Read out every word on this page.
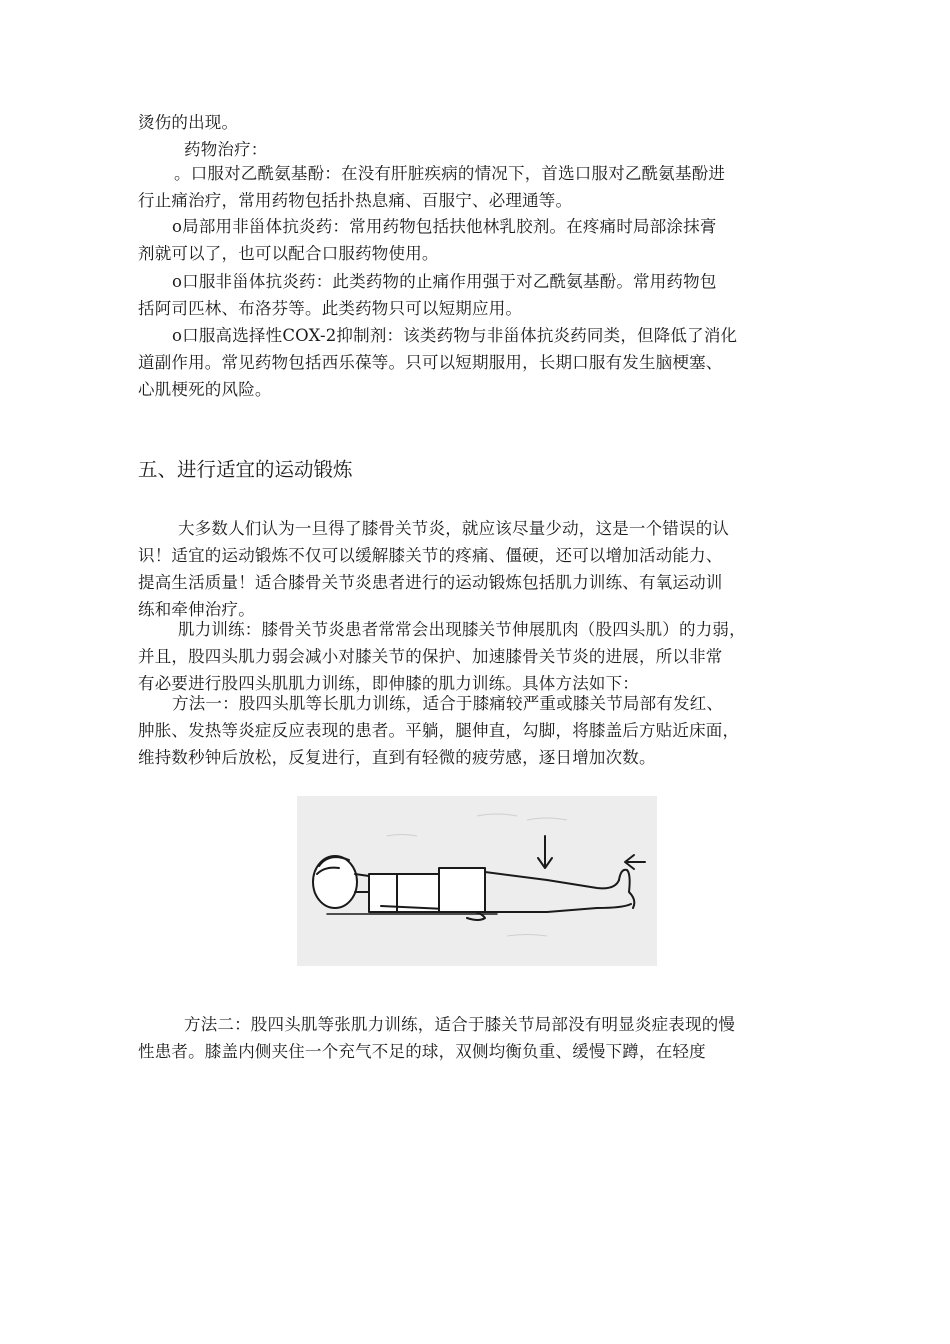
烫伤的出现。
药物治疗：
。口服对乙酰氨基酚：在没有肝脏疾病的情况下，首选口服对乙酰氨基酚进
行止痛治疗，常用药物包括扑热息痛、百服宁、必理通等。
o局部用非甾体抗炎药：常用药物包括扶他林乳胶剂。在疼痛时局部涂抹膏
剂就可以了，也可以配合口服药物使用。
o口服非甾体抗炎药：此类药物的止痛作用强于对乙酰氨基酚。常用药物包
括阿司匹林、布洛芬等。此类药物只可以短期应用。
o口服高选择性COX-2抑制剂：该类药物与非甾体抗炎药同类，但降低了消化
道副作用。常见药物包括西乐葆等。只可以短期服用，长期口服有发生脑梗塞、
心肌梗死的风险。
五、进行适宜的运动锻炼
大多数人们认为一旦得了膝骨关节炎，就应该尽量少动，这是一个错误的认
识！适宜的运动锻炼不仅可以缓解膝关节的疼痛、僵硬，还可以增加活动能力、
提高生活质量！适合膝骨关节炎患者进行的运动锻炼包括肌力训练、有氧运动训
练和牵伸治疗。
肌力训练：膝骨关节炎患者常常会出现膝关节伸展肌肉（股四头肌）的力弱，
并且，股四头肌力弱会减小对膝关节的保护、加速膝骨关节炎的进展，所以非常
有必要进行股四头肌肌力训练，即伸膝的肌力训练。具体方法如下：
方法一：股四头肌等长肌力训练，适合于膝痛较严重或膝关节局部有发红、
肿胀、发热等炎症反应表现的患者。平躺，腿伸直，勾脚，将膝盖后方贴近床面，
维持数秒钟后放松，反复进行，直到有轻微的疲劳感，逐日增加次数。
方法二：股四头肌等张肌力训练，适合于膝关节局部没有明显炎症表现的慢
性患者。膝盖内侧夹住一个充气不足的球，双侧均衡负重、缓慢下蹲，在轻度
